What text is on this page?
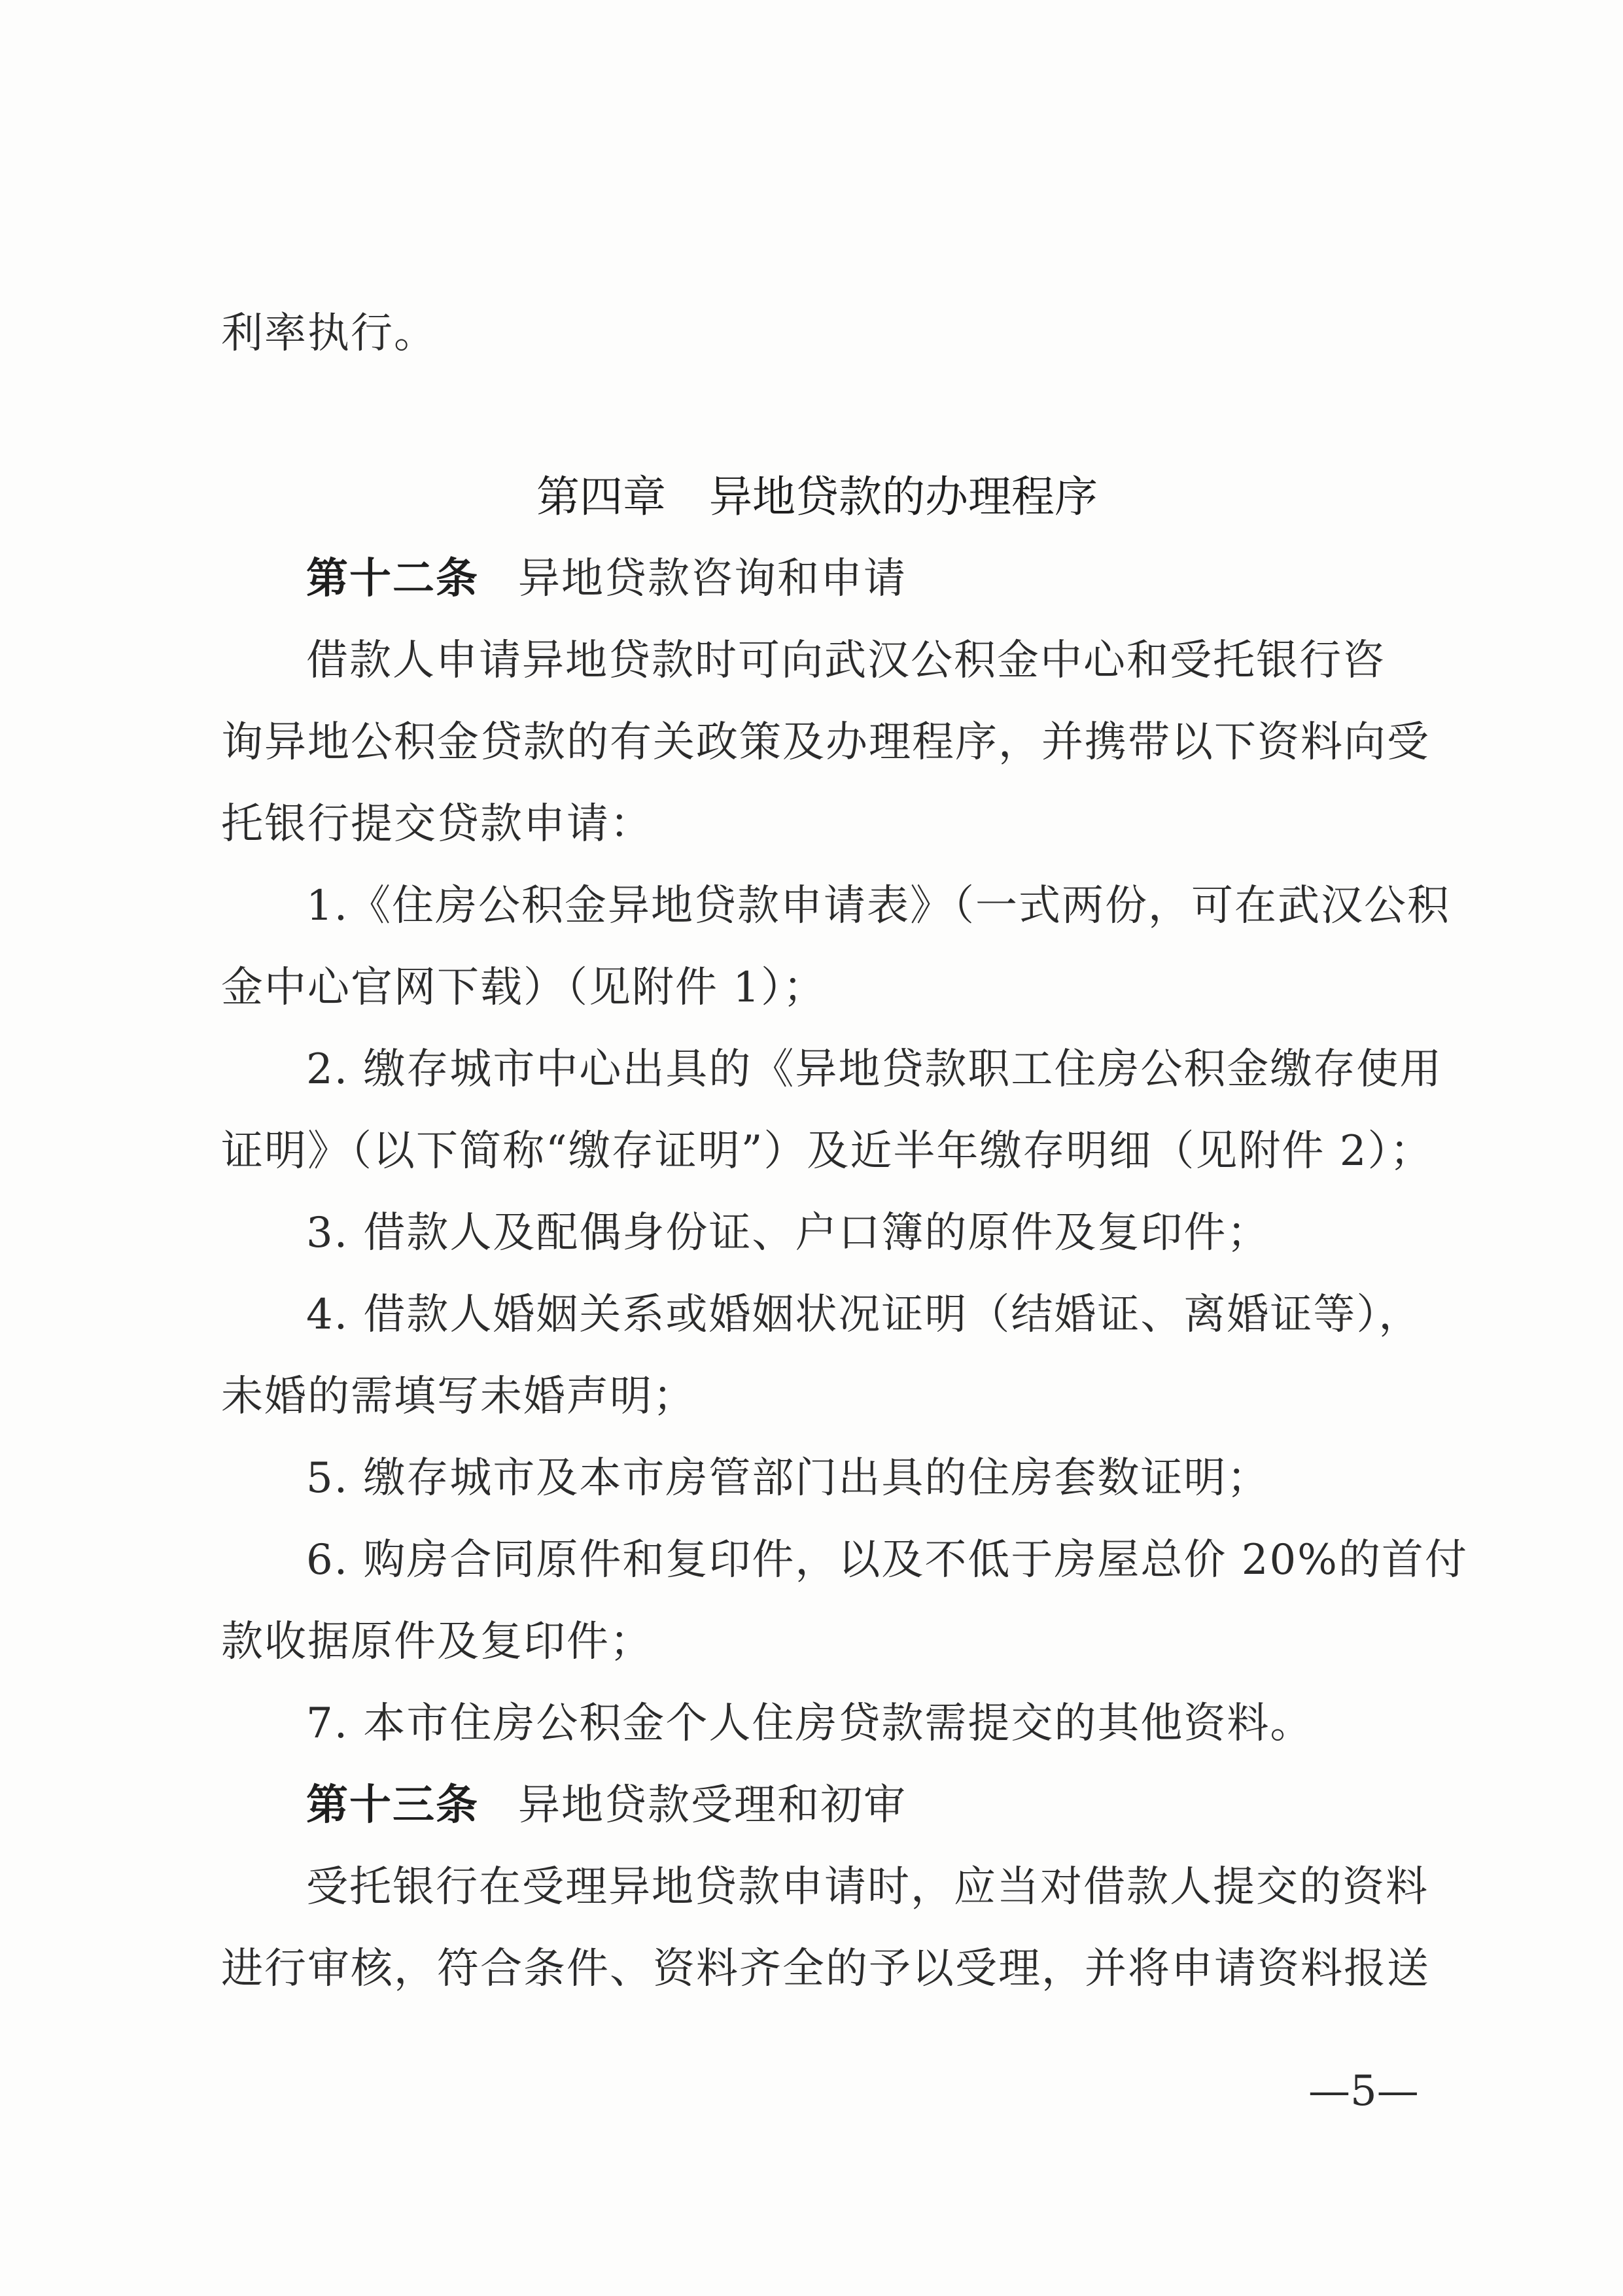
利率执行。
第四章　异地贷款的办理程序
第十二条 异地贷款咨询和申请
借款人申请异地贷款时可向武汉公积金中心和受托银行咨
询异地公积金贷款的有关政策及办理程序，并携带以下资料向受
托银行提交贷款申请：
1.《住房公积金异地贷款申请表》（一式两份，可在武汉公积
金中心官网下载）（见附件 1）；
2. 缴存城市中心出具的《异地贷款职工住房公积金缴存使用
证明》（以下简称“缴存证明”）及近半年缴存明细（见附件 2）；
3. 借款人及配偶身份证、户口簿的原件及复印件；
4. 借款人婚姻关系或婚姻状况证明（结婚证、离婚证等），
未婚的需填写未婚声明；
5. 缴存城市及本市房管部门出具的住房套数证明；
6. 购房合同原件和复印件，以及不低于房屋总价 20%的首付
款收据原件及复印件；
7. 本市住房公积金个人住房贷款需提交的其他资料。
第十三条 异地贷款受理和初审
受托银行在受理异地贷款申请时，应当对借款人提交的资料
进行审核，符合条件、资料齐全的予以受理，并将申请资料报送
—5—
